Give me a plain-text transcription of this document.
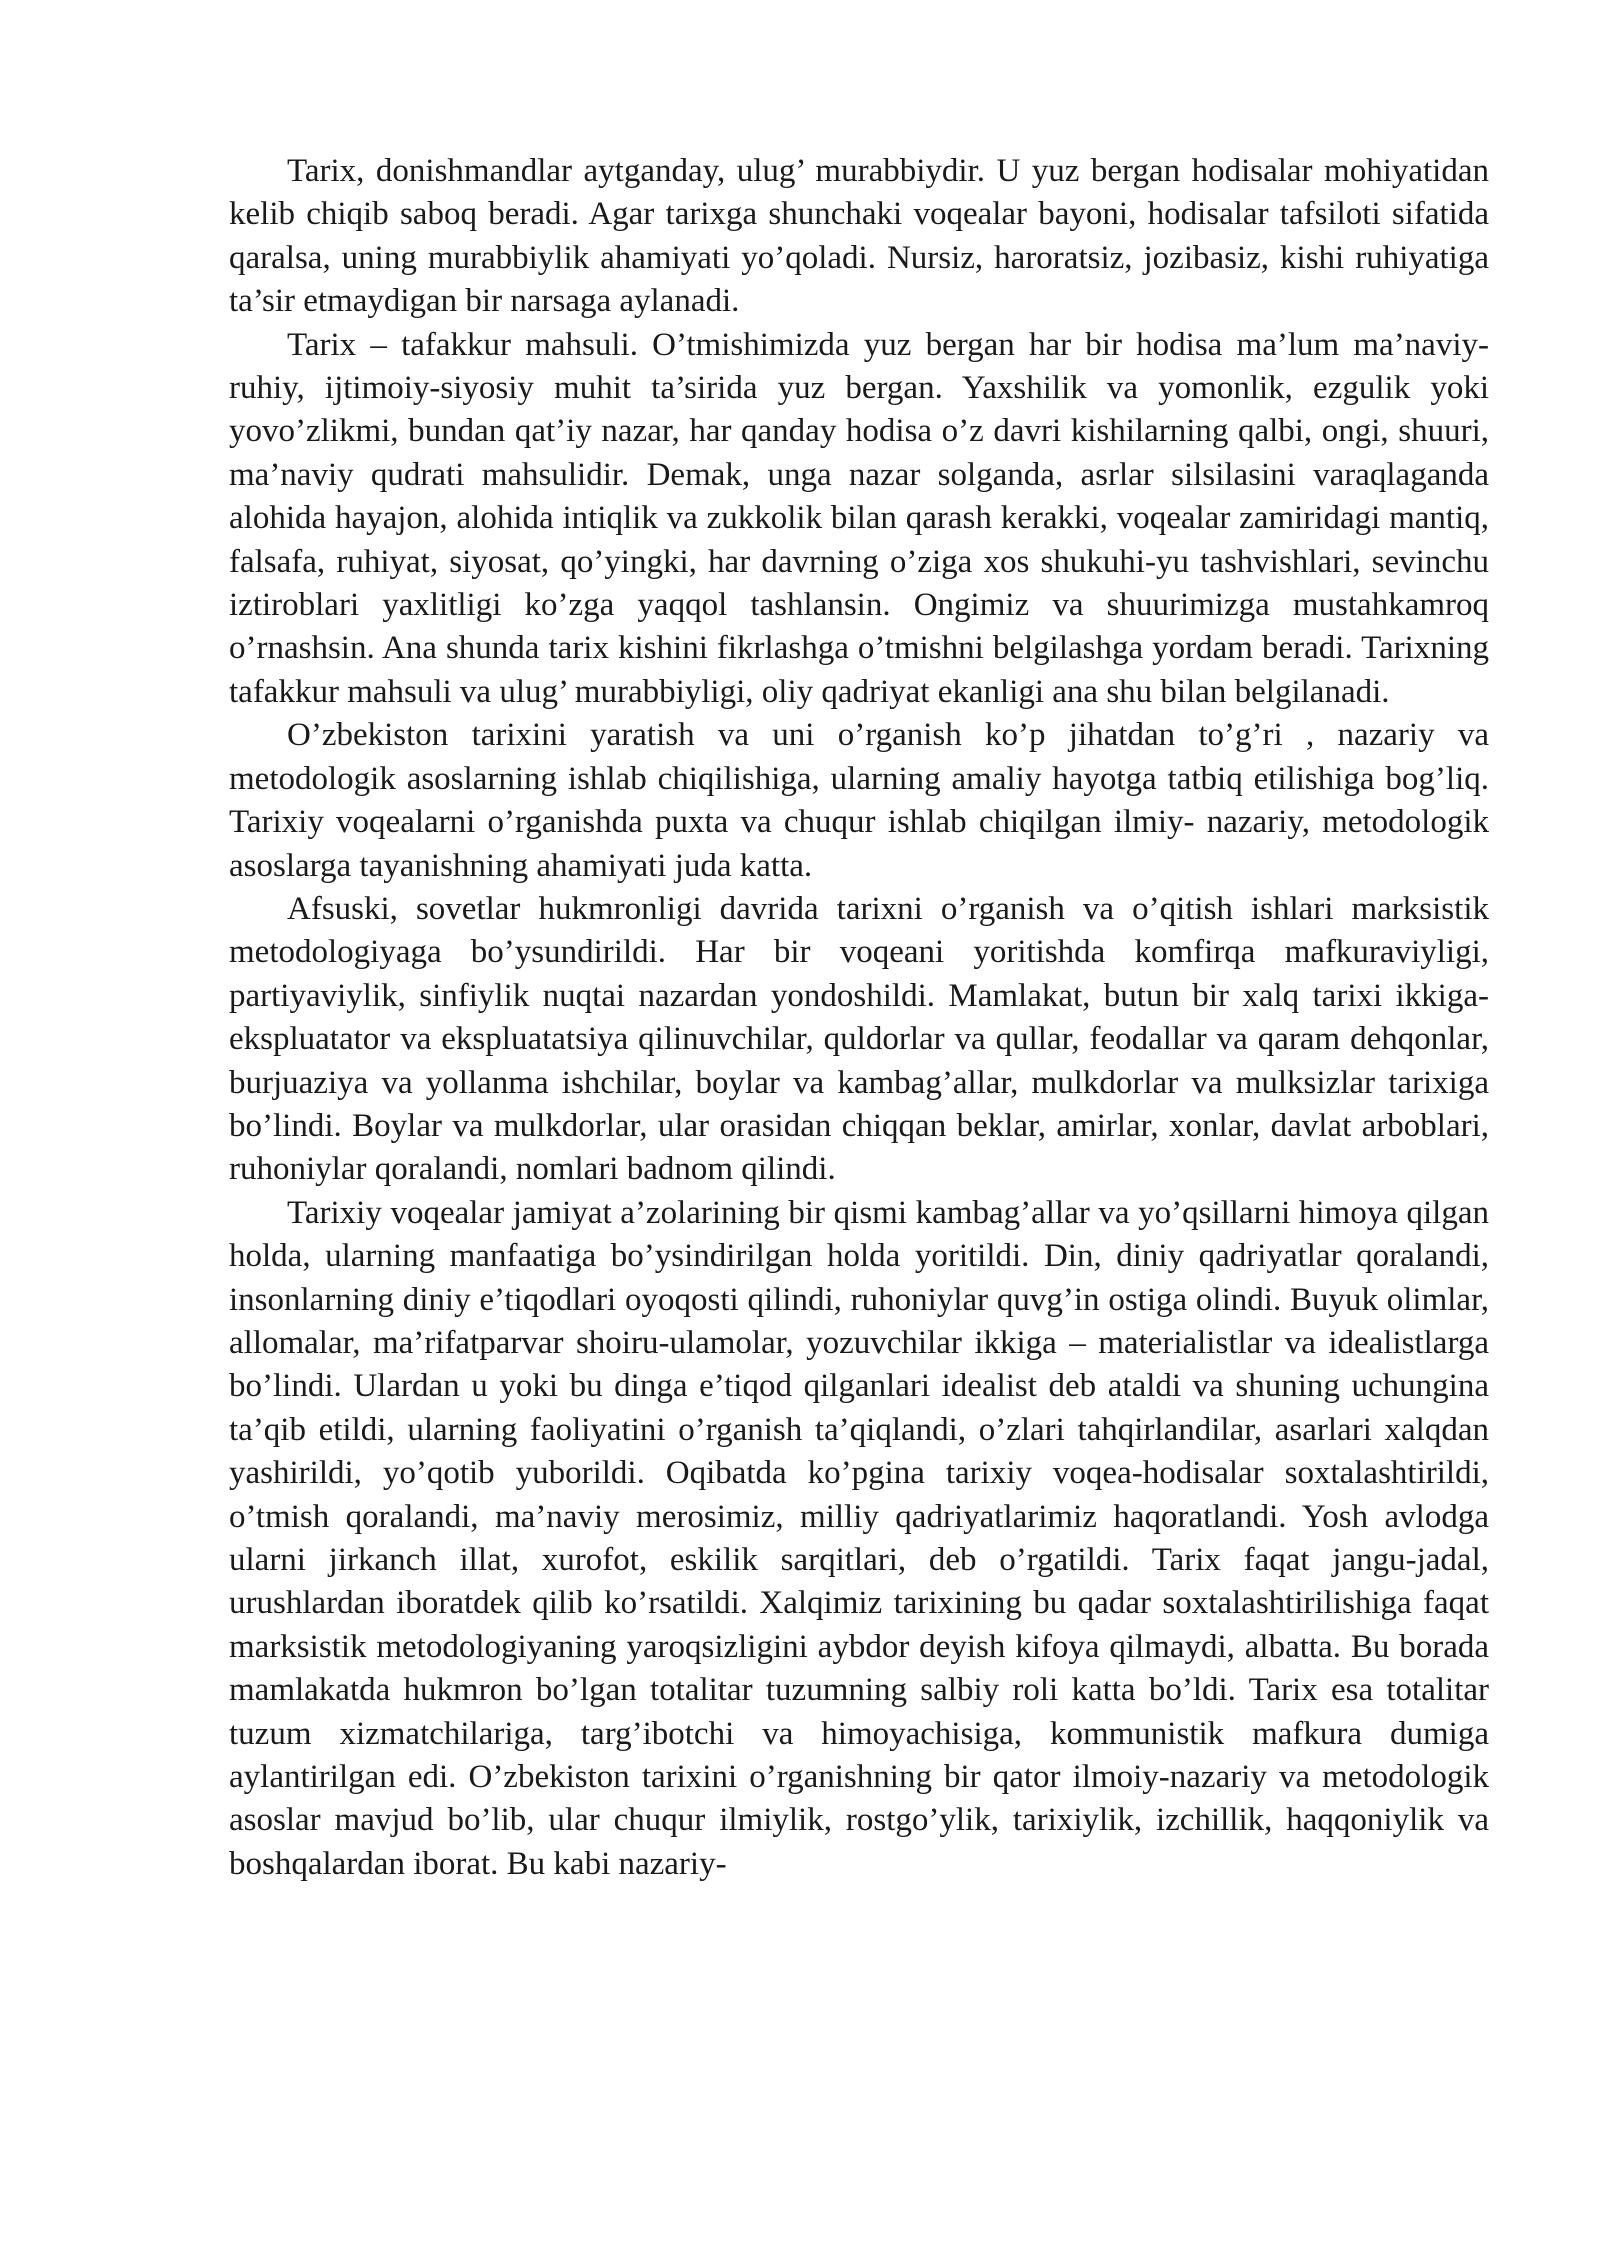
Tarix, donishmandlar aytganday, ulug’ murabbiydir. U yuz bergan hodisalar mohiyatidan kelib chiqib saboq beradi. Agar tarixga shunchaki voqealar bayoni, hodisalar tafsiloti sifatida qaralsa, uning murabbiylik ahamiyati yo’qoladi. Nursiz, haroratsiz, jozibasiz, kishi ruhiyatiga ta’sir etmaydigan bir narsaga aylanadi.

Tarix – tafakkur mahsuli. O’tmishimizda yuz bergan har bir hodisa ma’lum ma’naviy-ruhiy, ijtimoiy-siyosiy muhit ta’sirida yuz bergan. Yaxshilik va yomonlik, ezgulik yoki yovo’zlikmi, bundan qat’iy nazar, har qanday hodisa o’z davri kishilarning qalbi, ongi, shuuri, ma’naviy qudrati mahsulidir. Demak, unga nazar solganda, asrlar silsilasini varaqlaganda alohida hayajon, alohida intiqlik va zukkolik bilan qarash kerakki, voqealar zamiridagi mantiq, falsafa, ruhiyat, siyosat, qo’yingki, har davrning o’ziga xos shukuhi-yu tashvishlari, sevinchu iztiroblari yaxlitligi ko’zga yaqqol tashlansin. Ongimiz va shuurimizga mustahkamroq o’rnashsin. Ana shunda tarix kishini fikrlashga o’tmishni belgilashga yordam beradi. Tarixning tafakkur mahsuli va ulug’ murabbiyligi, oliy qadriyat ekanligi ana shu bilan belgilanadi.

O’zbekiston tarixini yaratish va uni o’rganish ko’p jihatdan to’g’ri , nazariy va metodologik asoslarning ishlab chiqilishiga, ularning amaliy hayotga tatbiq etilishiga bog’liq. Tarixiy voqealarni o’rganishda puxta va chuqur ishlab chiqilgan ilmiy- nazariy, metodologik asoslarga tayanishning ahamiyati juda katta.

Afsuski, sovetlar hukmronligi davrida tarixni o’rganish va o’qitish ishlari marksistik metodologiyaga bo’ysundirildi. Har bir voqeani yoritishda komfirqa mafkuraviyligi, partiyaviylik, sinfiylik nuqtai nazardan yondoshildi. Mamlakat, butun bir xalq tarixi ikkiga-ekspluatator va ekspluatatsiya qilinuvchilar, quldorlar va qullar, feodallar va qaram dehqonlar, burjuaziya va yollanma ishchilar, boylar va kambag’allar, mulkdorlar va mulksizlar tarixiga bo’lindi. Boylar va mulkdorlar, ular orasidan chiqqan beklar, amirlar, xonlar, davlat arboblari, ruhoniylar qoralandi, nomlari badnom qilindi.

Tarixiy voqealar jamiyat a’zolarining bir qismi kambag’allar va yo’qsillarni himoya qilgan holda, ularning manfaatiga bo’ysindirilgan holda yoritildi. Din, diniy qadriyatlar qoralandi, insonlarning diniy e’tiqodlari oyoqosti qilindi, ruhoniylar quvg’in ostiga olindi. Buyuk olimlar, allomalar, ma’rifatparvar shoiru-ulamolar, yozuvchilar ikkiga – materialistlar va idealistlarga bo’lindi. Ulardan u yoki bu dinga e’tiqod qilganlari idealist deb ataldi va shuning uchungina ta’qib etildi, ularning faoliyatini o’rganish ta’qiqlandi, o’zlari tahqirlandilar, asarlari xalqdan yashirildi, yo’qotib yuborildi. Oqibatda ko’pgina tarixiy voqea-hodisalar soxtalashtirildi, o’tmish qoralandi, ma’naviy merosimiz, milliy qadriyatlarimiz haqoratlandi. Yosh avlodga ularni jirkanch illat, xurofot, eskilik sarqitlari, deb o’rgatildi. Tarix faqat jangu-jadal, urushlardan iboratdek qilib ko’rsatildi. Xalqimiz tarixining bu qadar soxtalashtirilishiga faqat marksistik metodologiyaning yaroqsizligini aybdor deyish kifoya qilmaydi, albatta. Bu borada mamlakatda hukmron bo’lgan totalitar tuzumning salbiy roli katta bo’ldi. Tarix esa totalitar tuzum xizmatchilariga, targ’ibotchi va himoyachisiga, kommunistik mafkura dumiga aylantirilgan edi. O’zbekiston tarixini o’rganishning bir qator ilmoiy-nazariy va metodologik asoslar mavjud bo’lib, ular chuqur ilmiylik, rostgo’ylik, tarixiylik, izchillik, haqqoniylik va boshqalardan iborat. Bu kabi nazariy-
